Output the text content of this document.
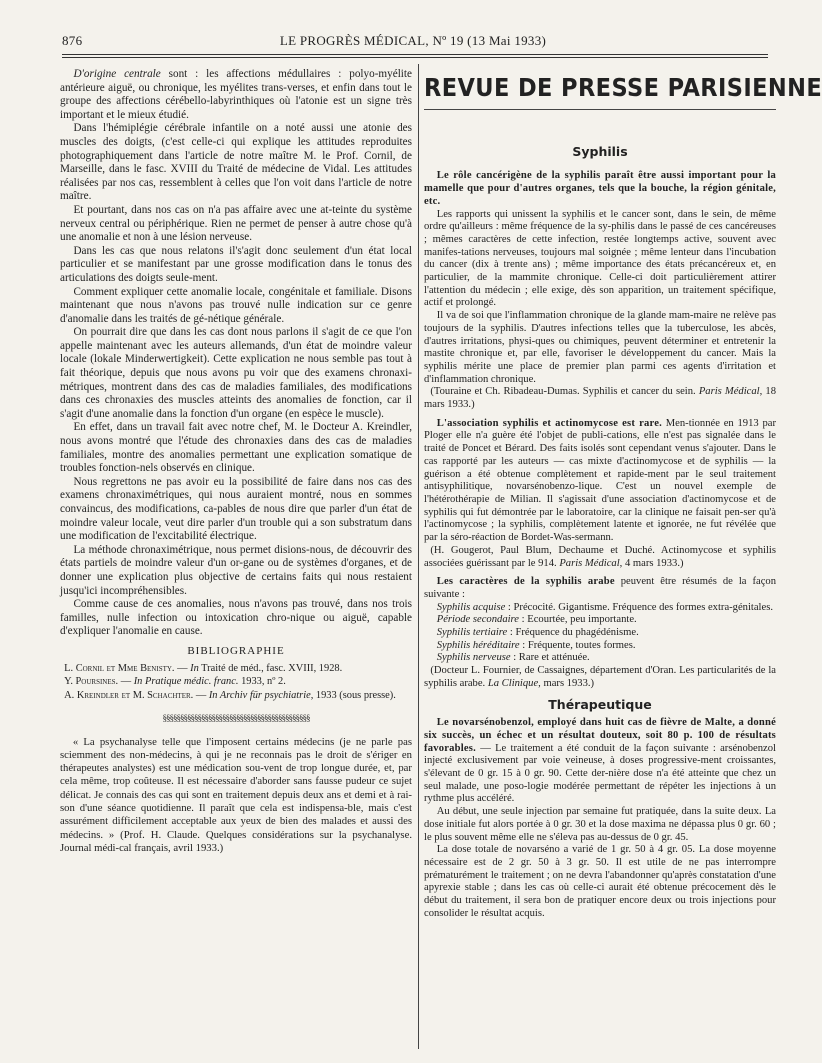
876	LE PROGRÈS MÉDICAL, Nº 19 (13 Mai 1933)

D'origine centrale sont : les affections médullaires : polyo-myélite antérieure aiguë, ou chronique, les myélites trans-verses, et enfin dans tout le groupe des affections cérébello-labyrinthiques où l'atonie est un signe très important et le mieux étudié.

Dans l'hémiplégie cérébrale infantile on a noté aussi une atonie des muscles des doigts, (c'est celle-ci qui explique les attitudes reproduites photographiquement dans l'article de notre maître M. le Prof. Cornil, de Marseille, dans le fasc. XVIII du Traité de médecine de Vidal. Les attitudes réalisées par nos cas, ressemblent à celles que l'on voit dans l'article de notre maître.

Et pourtant, dans nos cas on n'a pas affaire avec une at-teinte du système nerveux central ou périphérique. Rien ne permet de penser à autre chose qu'à une anomalie et non à une lésion nerveuse.

Dans les cas que nous relatons il's'agit donc seulement d'un état local particulier et se manifestant par une grosse modification dans le tonus des articulations des doigts seule-ment.

Comment expliquer cette anomalie locale, congénitale et familiale. Disons maintenant que nous n'avons pas trouvé nulle indication sur ce genre d'anomalie dans les traités de gé-nétique générale.

On pourrait dire que dans les cas dont nous parlons il s'agit de ce que l'on appelle maintenant avec les auteurs allemands, d'un état de moindre valeur locale (lokale Minderwertigkeit). Cette explication ne nous semble pas tout à fait théorique, depuis que nous avons pu voir que des examens chronaxi-métriques, montrent dans des cas de maladies familiales, des modifications dans ces chronaxies des muscles atteints des anomalies de fonction, car il s'agit d'une anomalie dans la fonction d'un organe (en espèce le muscle).

En effet, dans un travail fait avec notre chef, M. le Docteur A. Kreindler, nous avons montré que l'étude des chronaxies dans des cas de maladies familiales, montre des anomalies permettant une explication somatique de troubles fonction-nels observés en clinique.

Nous regrettons ne pas avoir eu la possibilité de faire dans nos cas des examens chronaximétriques, qui nous auraient montré, nous en sommes convaincus, des modifications, ca-pables de nous dire que parler d'un état de moindre valeur locale, veut dire parler d'un trouble qui a son substratum dans une modification de l'excitabilité électrique.

La méthode chronaximétrique, nous permet disions-nous, de découvrir des états partiels de moindre valeur d'un or-gane ou de systèmes d'organes, et de donner une explication plus objective de certains faits qui nous restaient jusqu'ici incompréhensibles.

Comme cause de ces anomalies, nous n'avons pas trouvé, dans nos trois familles, nulle infection ou intoxication chro-nique ou aiguë, capable d'expliquer l'anomalie en cause.

BIBLIOGRAPHIE

L. Cornil et Mme Benisty. — In Traité de méd., fasc. XVIII, 1928.

Y. Poursines. — In Pratique médic. franc. 1933, nº 2.

A. Kreindler et M. Schachter. — In Archiv für psychiatrie, 1933 (sous presse).

§§§§§§§§§§§§§§§§§§§§§§§§§§§§§§§§§§§§§§§§§§

« La psychanalyse telle que l'imposent certains médecins (je ne parle pas sciemment des non-médecins, à qui je ne reconnais pas le droit de s'ériger en thérapeutes analystes) est une médication sou-vent de trop longue durée, et, par cela même, trop coûteuse. Il est nécessaire d'aborder sans fausse pudeur ce sujet délicat. Je connais des cas qui sont en traitement depuis deux ans et demi et à rai-son d'une séance quotidienne. Il paraît que cela est indispensa-ble, mais c'est assurément difficilement acceptable aux yeux de bien des malades et aussi des médecins. » (Prof. H. Claude. Quelques considérations sur la psychanalyse. Journal médi-cal français, avril 1933.)

REVUE DE PRESSE PARISIENNE
Syphilis

Le rôle cancérigène de la syphilis paraît être aussi important pour la mamelle que pour d'autres organes, tels que la bouche, la région génitale, etc.

Les rapports qui unissent la syphilis et le cancer sont, dans le sein, de même ordre qu'ailleurs : même fréquence de la sy-philis dans le passé de ces cancéreuses ; mêmes caractères de cette infection, restée longtemps active, souvent avec manifes-tations nerveuses, toujours mal soignée ; même lenteur dans l'incubation du cancer (dix à trente ans) ; même importance des états précancéreux et, en particulier, de la mammite chronique. Celle-ci doit particulièrement attirer l'attention du médecin ; elle exige, dès son apparition, un traitement spécifique, actif et prolongé.

Il va de soi que l'inflammation chronique de la glande mam-maire ne relève pas toujours de la syphilis. D'autres infections telles que la tuberculose, les abcès, d'autres irritations, physi-ques ou chimiques, peuvent déterminer et entretenir la mastite chronique et, par elle, favoriser le développement du cancer. Mais la syphilis mérite une place de premier plan parmi ces agents d'irritation et d'inflammation chronique.

(Touraine et Ch. Ribadeau-Dumas. Syphilis et cancer du sein. Paris Médical, 18 mars 1933.)

L'association syphilis et actinomycose est rare. Men-tionnée en 1913 par Ploger elle n'a guère été l'objet de publi-cations, elle n'est pas signalée dans le traité de Poncet et Bérard. Des faits isolés sont cependant venus s'ajouter. Dans le cas rapporté par les auteurs — cas mixte d'actinomycose et de syphilis — la guérison a été obtenue complètement et rapide-ment par le seul traitement antisyphilitique, novarsénobenzo-lique. C'est un nouvel exemple de l'hétérothérapie de Milian. Il s'agissait d'une association d'actinomycose et de syphilis qui fut démontrée par le laboratoire, car la clinique ne faisait pen-ser qu'à l'actinomycose ; la syphilis, complètement latente et ignorée, ne fut révélée que par la séro-réaction de Bordet-Was-sermann.

(H. Gougerot, Paul Blum, Dechaume et Duché. Actinomycose et syphilis associées guérissant par le 914. Paris Médical, 4 mars 1933.)

Les caractères de la syphilis arabe peuvent être résumés de la façon suivante :

Syphilis acquise : Précocité. Gigantisme. Fréquence des formes extra-génitales.

Période secondaire : Ecourtée, peu importante.

Syphilis tertiaire : Fréquence du phagédénisme.

Syphilis héréditaire : Fréquente, toutes formes.

Syphilis nerveuse : Rare et atténuée.

(Docteur L. Fournier, de Cassaignes, département d'Oran. Les particularités de la syphilis arabe. La Clinique, mars 1933.)

Thérapeutique

Le novarsénobenzol, employé dans huit cas de fièvre de Malte, a donné six succès, un échec et un résultat douteux, soit 80 p. 100 de résultats favorables. — Le traitement a été conduit de la façon suivante : arsénobenzol injecté exclusivement par voie veineuse, à doses progressive-ment croissantes, s'élevant de 0 gr. 15 à 0 gr. 90. Cette der-nière dose n'a été atteinte que chez un seul malade, une poso-logie modérée permettant de répéter les injections à un rythme plus accéléré.

Au début, une seule injection par semaine fut pratiquée, dans la suite deux. La dose initiale fut alors portée à 0 gr. 30 et la dose maxima ne dépassa plus 0 gr. 60 ; le plus souvent même elle ne s'éleva pas au-dessus de 0 gr. 45.

La dose totale de novarséno a varié de 1 gr. 50 à 4 gr. 05. La dose moyenne nécessaire est de 2 gr. 50 à 3 gr. 50. Il est utile de ne pas interrompre prématurément le traitement ; on ne devra l'abandonner qu'après constatation d'une apyrexie stable ; dans les cas où celle-ci aurait été obtenue précocement dès le début du traitement, il sera bon de pratiquer encore deux ou trois injections pour consolider le résultat acquis.
